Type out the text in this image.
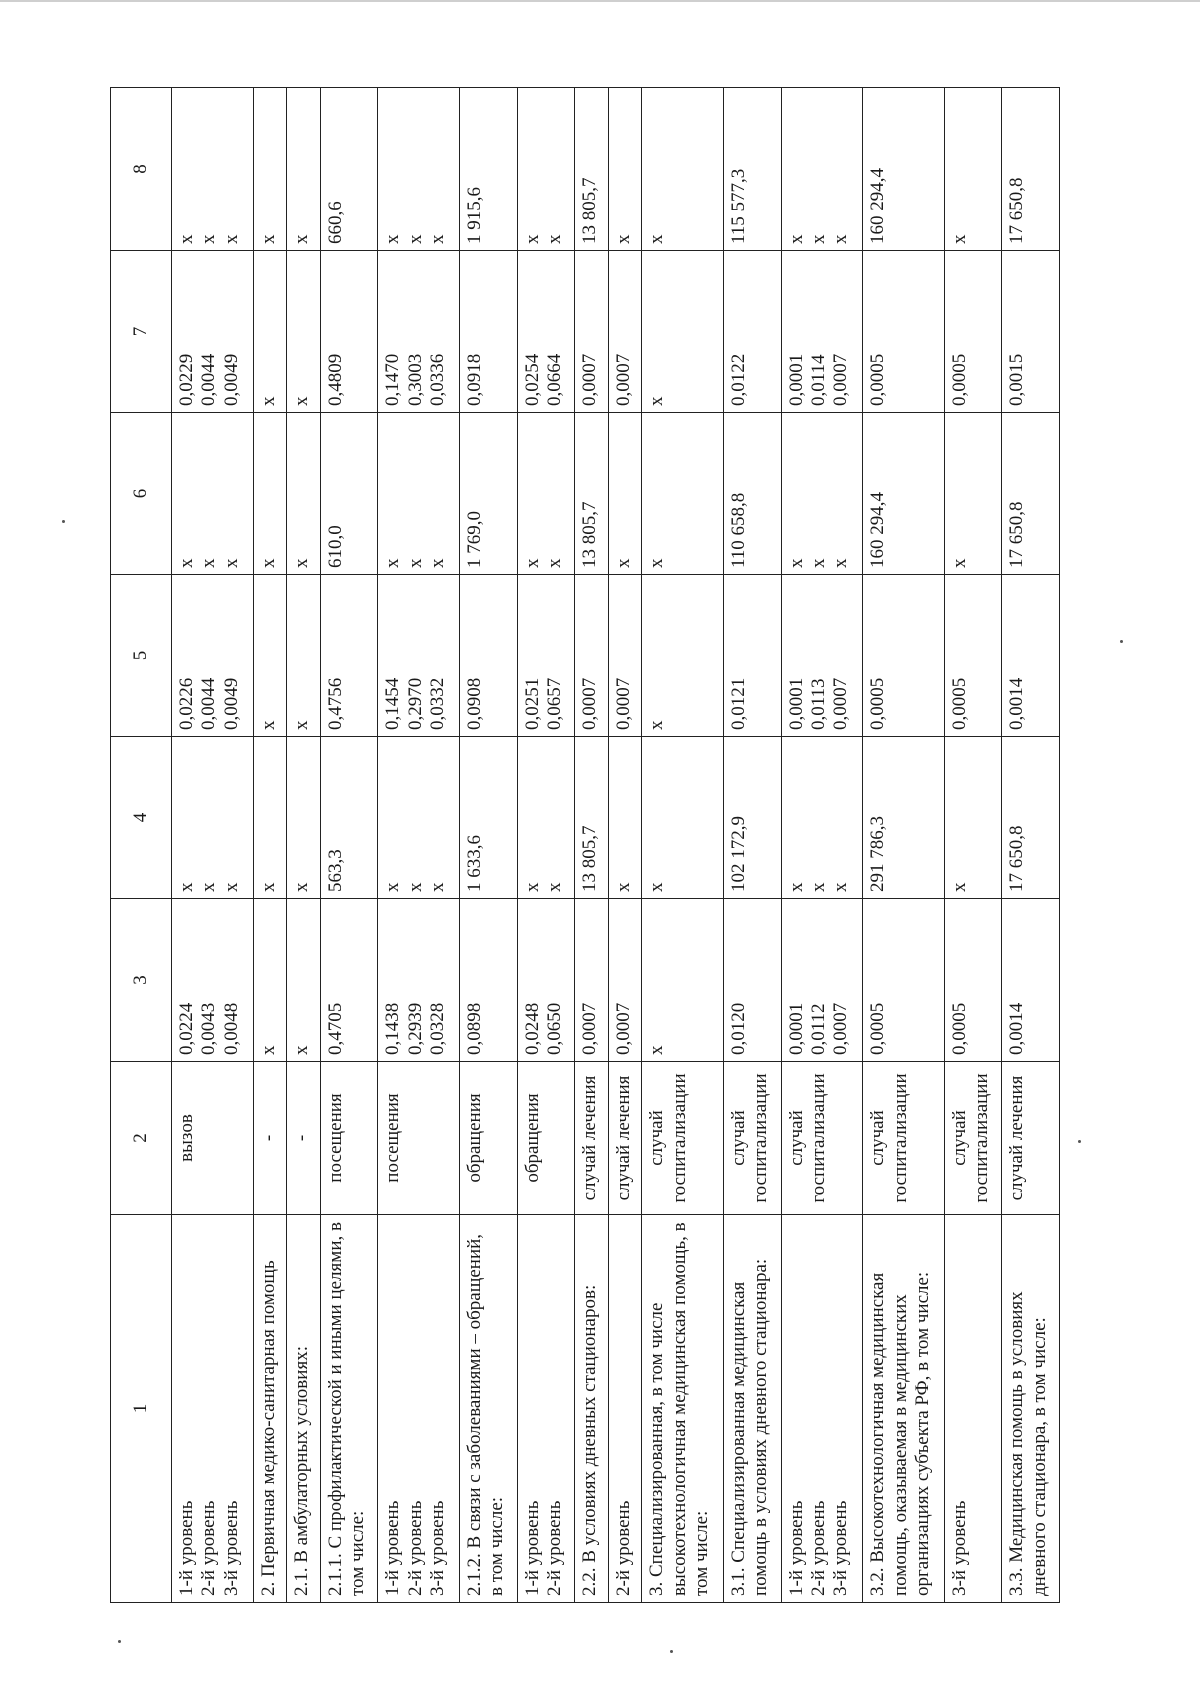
1	2	3	4	5	6	7	8

1-й уровень 2-й уровень 3-й уровень	вызов	0,0224 0,0043 0,0048	х х х	0,0226 0,0044 0,0049	х х х	0,0229 0,0044 0,0049	х х х

2. Первичная медико-санитарная помощь	-	х	х	х	х	х	х

2.1. В амбулаторных условиях:	-	х	х	х	х	х	х

2.1.1. С профилактической и иными целями, в том числе:	посещения	0,4705	563,3	0,4756	610,0	0,4809	660,6

1-й уровень 2-й уровень 3-й уровень	посещения	0,1438 0,2939 0,0328	х х х	0,1454 0,2970 0,0332	х х х	0,1470 0,3003 0,0336	х х х

2.1.2. В связи с заболеваниями – обращений, в том числе:	обращения	0,0898	1 633,6	0,0908	1 769,0	0,0918	1 915,6

1-й уровень 2-й уровень	обращения	0,0248 0,0650	х х	0,0251 0,0657	х х	0,0254 0,0664	х х

2.2. В условиях дневных стационаров:	случай лечения	0,0007	13 805,7	0,0007	13 805,7	0,0007	13 805,7

2-й уровень	случай лечения	0,0007	х	0,0007	х	0,0007	х

3. Специализированная, в том числе высокотехнологичная медицинская помощь, в том числе:	случай госпитализации	х	х	х	х	х	х

3.1. Специализированная медицинская помощь в условиях дневного стационара:	случай госпитализации	0,0120	102 172,9	0,0121	110 658,8	0,0122	115 577,3

1-й уровень 2-й уровень 3-й уровень	случай госпитализации	0,0001 0,0112 0,0007	х х х	0,0001 0,0113 0,0007	х х х	0,0001 0,0114 0,0007	х х х

3.2. Высокотехнологичная медицинская помощь, оказываемая в медицинских организациях субъекта РФ, в том числе:	случай госпитализации	0,0005	291 786,3	0,0005	160 294,4	0,0005	160 294,4

3-й уровень	случай госпитализации	0,0005	х	0,0005	х	0,0005	х

3.3. Медицинская помощь в условиях дневного стационара, в том числе:	случай лечения	0,0014	17 650,8	0,0014	17 650,8	0,0015	17 650,8
